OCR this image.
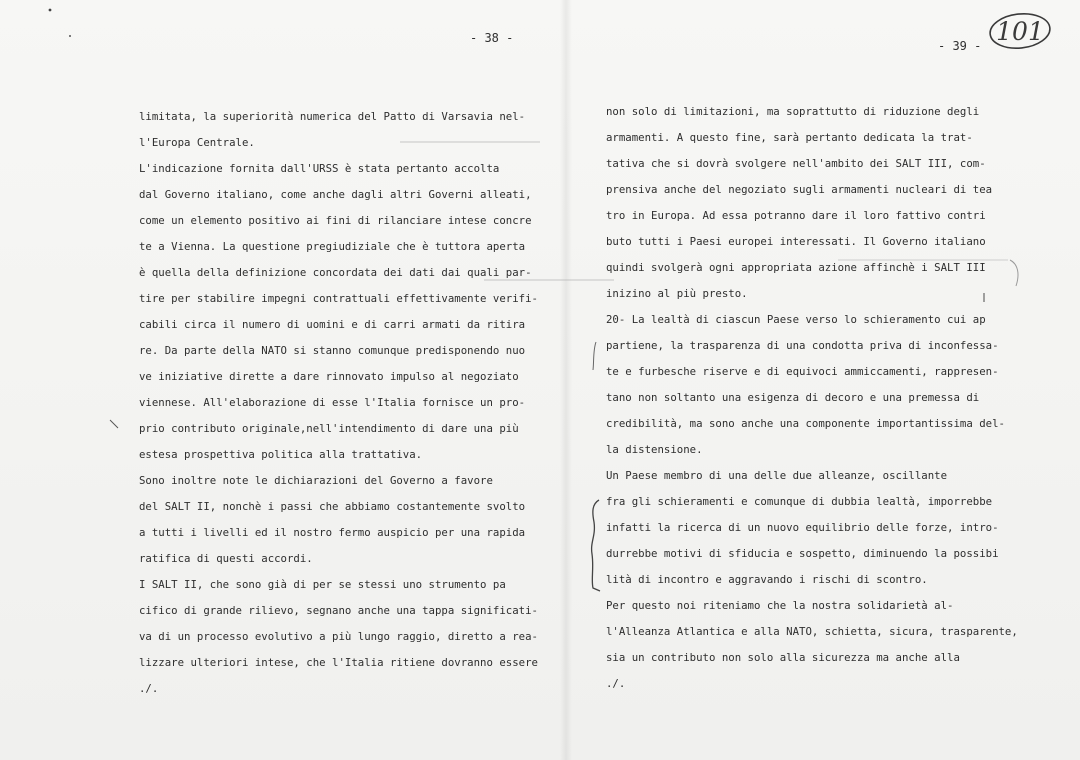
- 38 -
- 39 - 101
limitata, la superiorità numerica del Patto di Varsavia nel-
l'Europa Centrale.
L'indicazione fornita dall'URSS è stata pertanto accolta
dal Governo italiano, come anche dagli altri Governi alleati,
come un elemento positivo ai fini di rilanciare intese concre
te a Vienna. La questione pregiudiziale che è tuttora aperta
è quella della definizione concordata dei dati dai quali par-
tire per stabilire impegni contrattuali effettivamente verifi-
cabili circa il numero di uomini e di carri armati da ritira
re. Da parte della NATO si stanno comunque predisponendo nuo
ve iniziative dirette a dare rinnovato impulso al negoziato
viennese. All'elaborazione di esse l'Italia fornisce un pro-
prio contributo originale,nell'intendimento di dare una più
estesa prospettiva politica alla trattativa.
Sono inoltre note le dichiarazioni del Governo a favore
del SALT II, nonchè i passi che abbiamo costantemente svolto
a tutti i livelli ed il nostro fermo auspicio per una rapida
ratifica di questi accordi.
I SALT II, che sono già di per se stessi uno strumento pa
cifico di grande rilievo, segnano anche una tappa significati-
va di un processo evolutivo a più lungo raggio, diretto a rea-
lizzare ulteriori intese, che l'Italia ritiene dovranno essere
./.
non solo di limitazioni, ma soprattutto di riduzione degli
armamenti. A questo fine, sarà pertanto dedicata la trat-
tativa che si dovrà svolgere nell'ambito dei SALT III, com-
prensiva anche del negoziato sugli armamenti nucleari di tea
tro in Europa. Ad essa potranno dare il loro fattivo contri
buto tutti i Paesi europei interessati. Il Governo italiano
quindi svolgerà ogni appropriata azione affinchè i SALT III
inizino al più presto.
20- La lealtà di ciascun Paese verso lo schieramento cui ap
partiene, la trasparenza di una condotta priva di inconfessa-
te e furbesche riserve e di equivoci ammiccamenti, rappresen-
tano non soltanto una esigenza di decoro e una premessa di
credibilità, ma sono anche una componente importantissima del-
la distensione.
Un Paese membro di una delle due alleanze, oscillante
fra gli schieramenti e comunque di dubbia lealtà, imporrebbe
infatti la ricerca di un nuovo equilibrio delle forze, intro-
durrebbe motivi di sfiducia e sospetto, diminuendo la possibi
lità di incontro e aggravando i rischi di scontro.
Per questo noi riteniamo che la nostra solidarietà al-
l'Alleanza Atlantica e alla NATO, schietta, sicura, trasparente,
sia un contributo non solo alla sicurezza ma anche alla
./.
